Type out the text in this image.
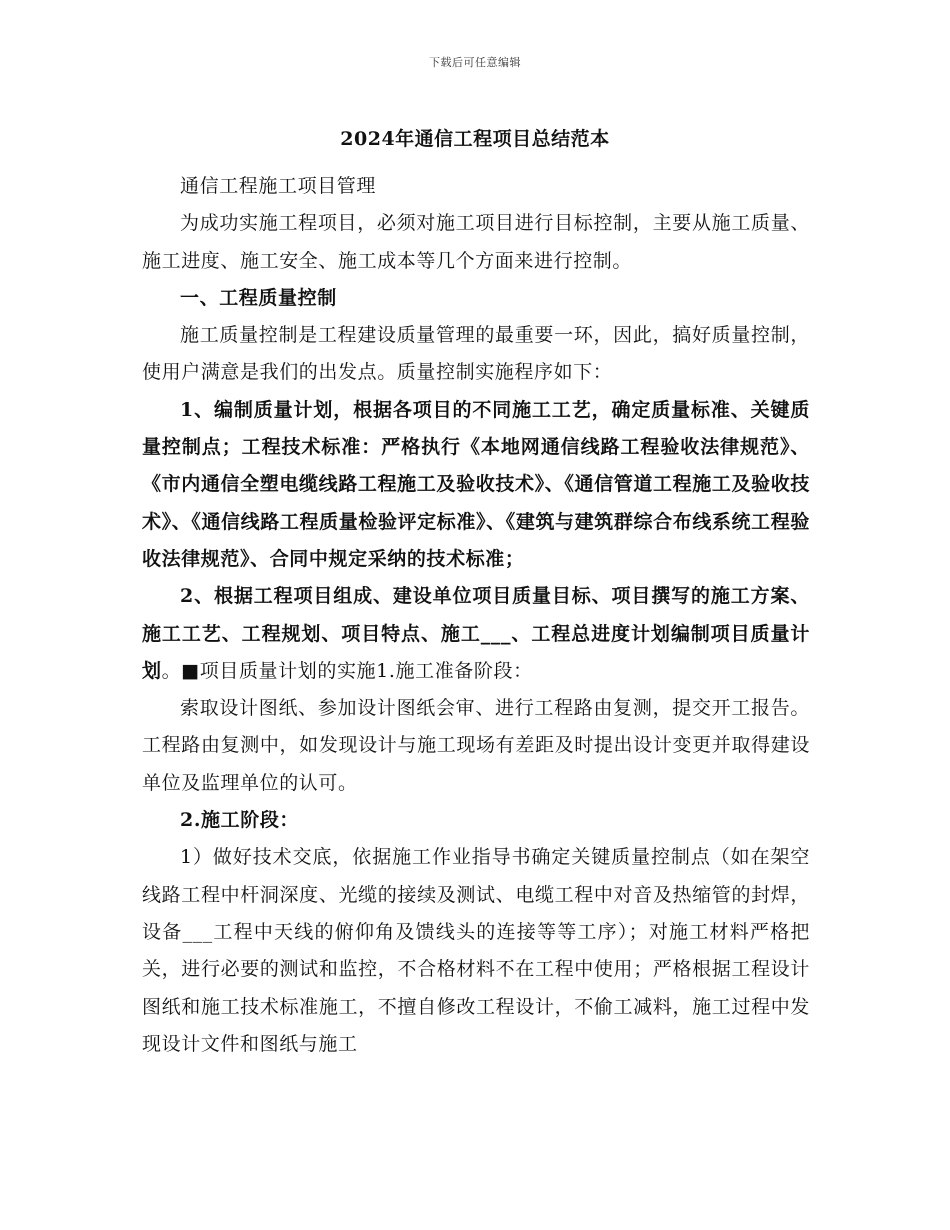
下载后可任意编辑
2024年通信工程项目总结范本

通信工程施工项目管理

为成功实施工程项目，必须对施工项目进行目标控制，主要从施工质量、施工进度、施工安全、施工成本等几个方面来进行控制。

一、工程质量控制

施工质量控制是工程建设质量管理的最重要一环，因此，搞好质量控制，使用户满意是我们的出发点。质量控制实施程序如下：

1、编制质量计划，根据各项目的不同施工工艺，确定质量标准、关键质量控制点；工程技术标准：严格执行《本地网通信线路工程验收法律规范》、《市内通信全塑电缆线路工程施工及验收技术》、《通信管道工程施工及验收技术》、《通信线路工程质量检验评定标准》、《建筑与建筑群综合布线系统工程验收法律规范》、合同中规定采纳的技术标准；

2、根据工程项目组成、建设单位项目质量目标、项目撰写的施工方案、施工工艺、工程规划、项目特点、施工___、工程总进度计划编制项目质量计划。■项目质量计划的实施1.施工准备阶段：

索取设计图纸、参加设计图纸会审、进行工程路由复测，提交开工报告。工程路由复测中，如发现设计与施工现场有差距及时提出设计变更并取得建设单位及监理单位的认可。

2.施工阶段：

1）做好技术交底，依据施工作业指导书确定关键质量控制点（如在架空线路工程中杆洞深度、光缆的接续及测试、电缆工程中对音及热缩管的封焊，设备___工程中天线的俯仰角及馈线头的连接等等工序）；对施工材料严格把关，进行必要的测试和监控，不合格材料不在工程中使用；严格根据工程设计图纸和施工技术标准施工，不擅自修改工程设计，不偷工减料，施工过程中发现设计文件和图纸与施工
